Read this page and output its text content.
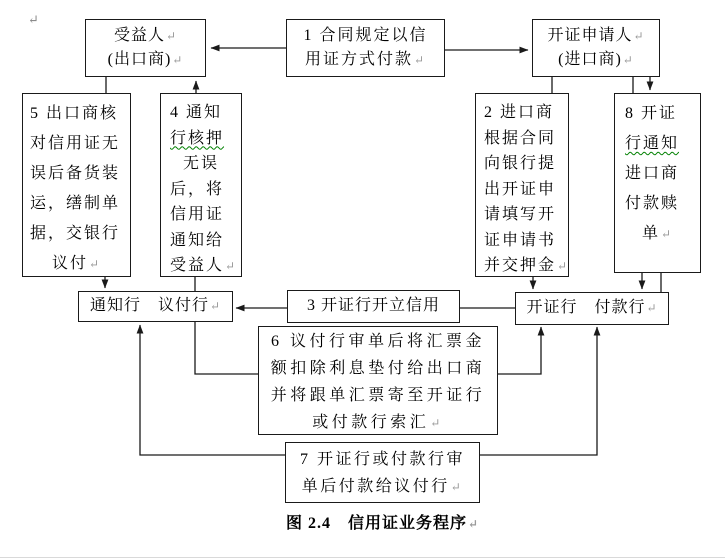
↵
受益人↵
(出口商)↵
1 合同规定以信
用证方式付款↵
开证申请人↵
(进口商)↵
5 出口商核
对信用证无
误后备货装
运，缮制单
据，交银行
议付↵
4 通知
行核押
无误
后，将
信用证
通知给
受益人↵
2 进口商
根据合同
向银行提
出开证申
请填写开
证申请书
并交押金↵
8 开证
行通知
进口商
付款赎
单↵
通知行　议付行↵	3 开证行开立信用	开证行　付款行↵
6 议付行审单后将汇票金
额扣除利息垫付给出口商
并将跟单汇票寄至开证行
或付款行索汇↵
7 开证行或付款行审
单后付款给议付行↵
图 2.4　信用证业务程序↵
